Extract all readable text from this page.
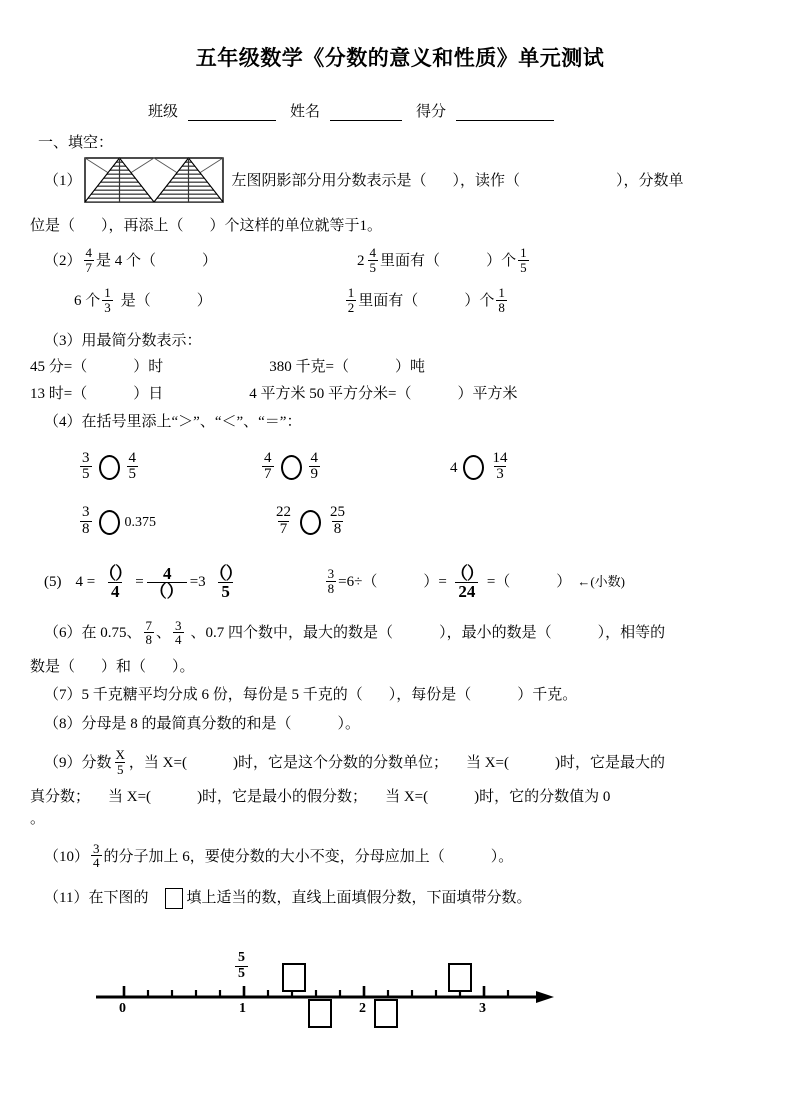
五年级数学《分数的意义和性质》单元测试
班级	姓名	得分
一、填空：
（1）	左图阴影部分用分数表示是（ ），读作（	），分数单
位是（ ），再添上（ ）个这样的单位就等于1。
$(2) \frac{4}{7}$ 是 4 个（	）	$2 \frac{4}{5}$ 里面有（	）个 $\frac{1}{5}$
6 个 $\frac{1}{3}$ 是（	）	$\frac{1}{2}$ 里面有（	）个 $\frac{1}{8}$
（3）用最简分数表示：
45 分=（	）时	380 千克=（	）吨
13 时=（	）日	4 平方米 50 平方分米=（	）平方米
（4）在括号里添上“＞”、“＜”、“＝”：
$\frac{3}{5} \frac{4}{5}$	$\frac{4}{7} \frac{4}{9}$	$4 \frac{14}{3}$
$\frac{3}{8} 0.375$	$\frac{22}{7} \frac{25}{8}$
(5) $4 = \frac{()}{4} = \frac{4}{()} =3 \frac{()}{5}$	$\frac{3}{8} =6\div$（	）= $\frac{()}{24}$ =（	） ←(小数)
（6） 在 0.75、 $\frac{7}{8}$ 、 $\frac{3}{4}$ 、0.7 四个数中，最大的数是（	），最小的数是（	），相等的
数是（ ）和（ ）。
（7）5 千克糖平均分成 6 份，每份是 5 千克的（ ），每份是（	）千克。
（8）分母是 8 的最简真分数的和是（	）。
（9） 分数 $\frac{X}{5}$ ，当 X=(	)时，它是这个分数的分数单位； 当 X=(	)时，它是最大的
真分数； 当 X=(	)时，它是最小的假分数； 当 X=(	)时，它的分数值为 0
。
$(10) \frac{3}{4}$ 的分子加上 6，要使分数的大小不变，分母应加上（	）。
（11）在下图的	填上适当的数，直线上面填假分数，下面填带分数。
0	1	2	3
$\frac{5}{5}$
